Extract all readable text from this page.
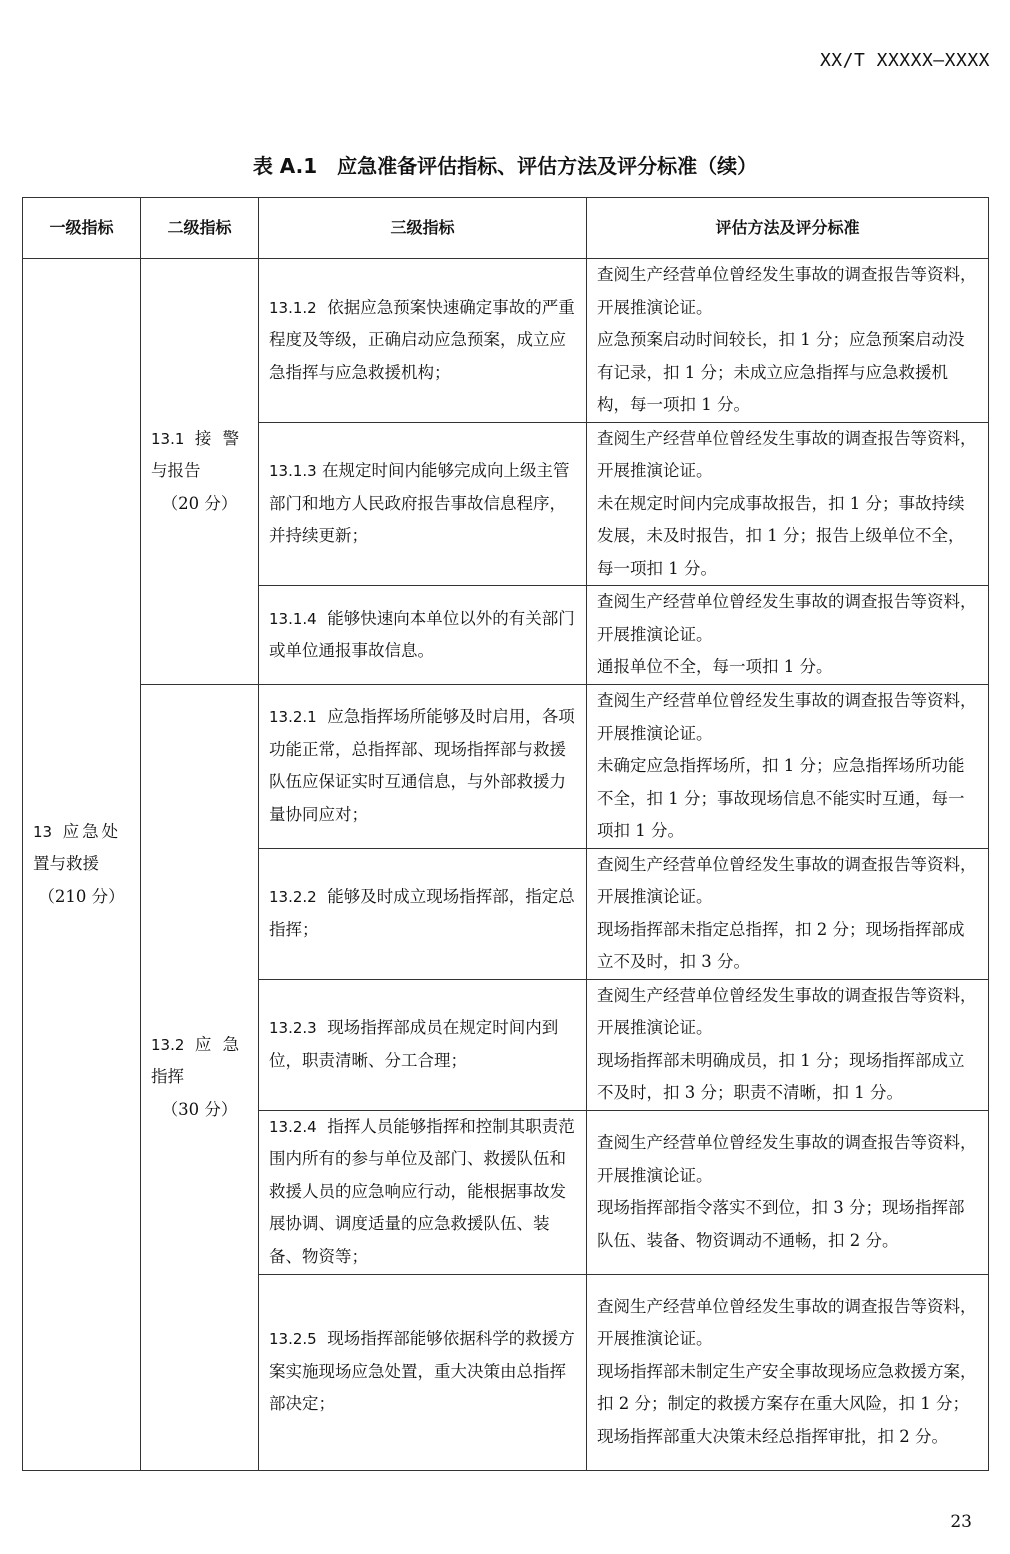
XX/T XXXXX—XXXX
表 A.1　应急准备评估指标、评估方法及评分标准（续）
一级指标	二级指标	三级指标	评估方法及评分标准

13 应急处
置与救援
（210 分）	13.1 接 警
与报告
（20 分）	13.1.2 依据应急预案快速确定事故的严重程度及等级，正确启动应急预案，成立应急指挥与应急救援机构；	查阅生产经营单位曾经发生事故的调查报告等资料，开展推演论证。
应急预案启动时间较长，扣 1 分；应急预案启动没有记录，扣 1 分；未成立应急指挥与应急救援机构，每一项扣 1 分。

		13.1.3 在规定时间内能够完成向上级主管部门和地方人民政府报告事故信息程序，并持续更新；	查阅生产经营单位曾经发生事故的调查报告等资料，开展推演论证。
未在规定时间内完成事故报告，扣 1 分；事故持续发展，未及时报告，扣 1 分；报告上级单位不全，每一项扣 1 分。

		13.1.4 能够快速向本单位以外的有关部门或单位通报事故信息。	查阅生产经营单位曾经发生事故的调查报告等资料，开展推演论证。
通报单位不全，每一项扣 1 分。

	13.2 应 急
指挥
（30 分）	13.2.1 应急指挥场所能够及时启用，各项功能正常，总指挥部、现场指挥部与救援队伍应保证实时互通信息，与外部救援力量协同应对；	查阅生产经营单位曾经发生事故的调查报告等资料，开展推演论证。
未确定应急指挥场所，扣 1 分；应急指挥场所功能不全，扣 1 分；事故现场信息不能实时互通，每一项扣 1 分。

		13.2.2 能够及时成立现场指挥部，指定总指挥；	查阅生产经营单位曾经发生事故的调查报告等资料，开展推演论证。
现场指挥部未指定总指挥，扣 2 分；现场指挥部成立不及时，扣 3 分。

		13.2.3 现场指挥部成员在规定时间内到位，职责清晰、分工合理；	查阅生产经营单位曾经发生事故的调查报告等资料，开展推演论证。
现场指挥部未明确成员，扣 1 分；现场指挥部成立不及时，扣 3 分；职责不清晰，扣 1 分。

		13.2.4 指挥人员能够指挥和控制其职责范围内所有的参与单位及部门、救援队伍和救援人员的应急响应行动，能根据事故发展协调、调度适量的应急救援队伍、装备、物资等；	查阅生产经营单位曾经发生事故的调查报告等资料，开展推演论证。
现场指挥部指令落实不到位，扣 3 分；现场指挥部队伍、装备、物资调动不通畅，扣 2 分。

		13.2.5 现场指挥部能够依据科学的救援方案实施现场应急处置，重大决策由总指挥部决定；	查阅生产经营单位曾经发生事故的调查报告等资料，开展推演论证。
现场指挥部未制定生产安全事故现场应急救援方案，扣 2 分；制定的救援方案存在重大风险，扣 1 分；现场指挥部重大决策未经总指挥审批，扣 2 分。
23
